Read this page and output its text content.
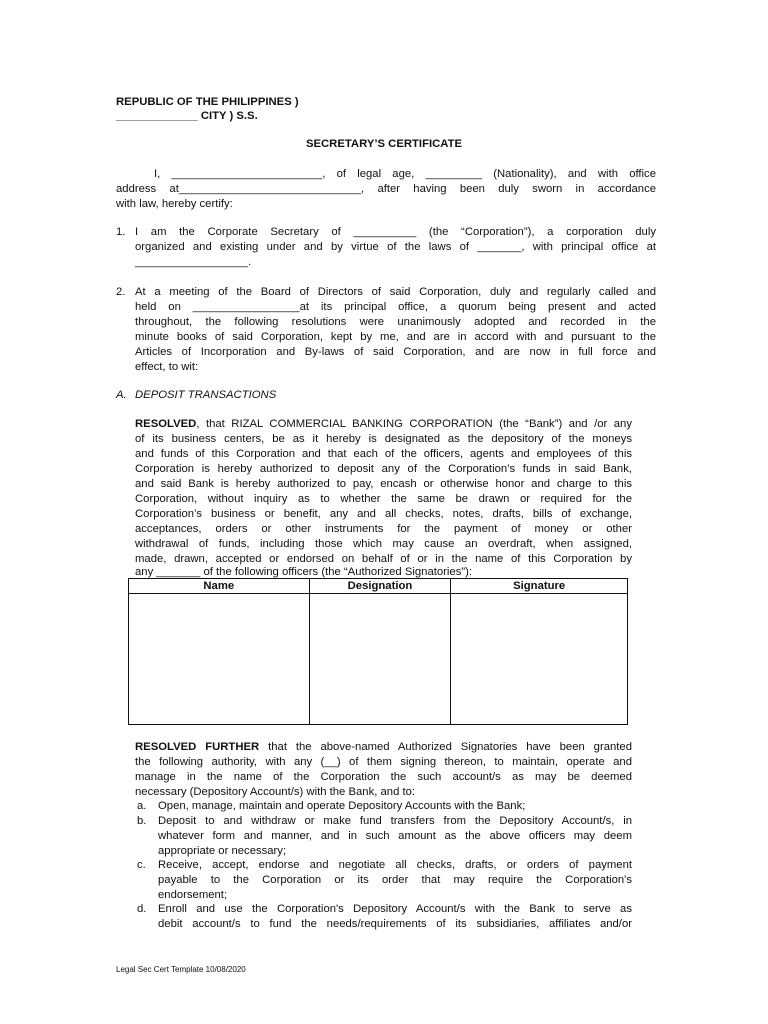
REPUBLIC OF THE PHILIPPINES )
_____________ CITY ) S.S.
SECRETARY’S CERTIFICATE
I, ________________________, of legal age, _________ (Nationality), and with office
address at_____________________________, after having been duly sworn in accordance
with law, hereby certify:
1. I am the Corporate Secretary of __________ (the “Corporation”), a corporation duly
organized and existing under and by virtue of the laws of _______, with principal office at
__________________.
2. At a meeting of the Board of Directors of said Corporation, duly and regularly called and
held on _________________at its principal office, a quorum being present and acted
throughout, the following resolutions were unanimously adopted and recorded in the
minute books of said Corporation, kept by me, and are in accord with and pursuant to the
Articles of Incorporation and By-laws of said Corporation, and are now in full force and
effect, to wit:
A. DEPOSIT TRANSACTIONS
RESOLVED, that RIZAL COMMERCIAL BANKING CORPORATION (the “Bank”) and /or any
of its business centers, be as it hereby is designated as the depository of the moneys
and funds of this Corporation and that each of the officers, agents and employees of this
Corporation is hereby authorized to deposit any of the Corporation’s funds in said Bank,
and said Bank is hereby authorized to pay, encash or otherwise honor and charge to this
Corporation, without inquiry as to whether the same be drawn or required for the
Corporation’s business or benefit, any and all checks, notes, drafts, bills of exchange,
acceptances, orders or other instruments for the payment of money or other
withdrawal of funds, including those which may cause an overdraft, when assigned,
made, drawn, accepted or endorsed on behalf of or in the name of this Corporation by
any _______ of the following officers (the “Authorized Signatories”):
Name	Designation	Signature

RESOLVED FURTHER that the above-named Authorized Signatories have been granted
the following authority, with any (__) of them signing thereon, to maintain, operate and
manage in the name of the Corporation the such account/s as may be deemed
necessary (Depository Account/s) with the Bank, and to:
a. Open, manage, maintain and operate Depository Accounts with the Bank;
b. Deposit to and withdraw or make fund transfers from the Depository Account/s, in
whatever form and manner, and in such amount as the above officers may deem
appropriate or necessary;
c. Receive, accept, endorse and negotiate all checks, drafts, or orders of payment
payable to the Corporation or its order that may require the Corporation's
endorsement;
d. Enroll and use the Corporation's Depository Account/s with the Bank to serve as
debit account/s to fund the needs/requirements of its subsidiaries, affiliates and/or
Legal Sec Cert Template 10/08/2020
